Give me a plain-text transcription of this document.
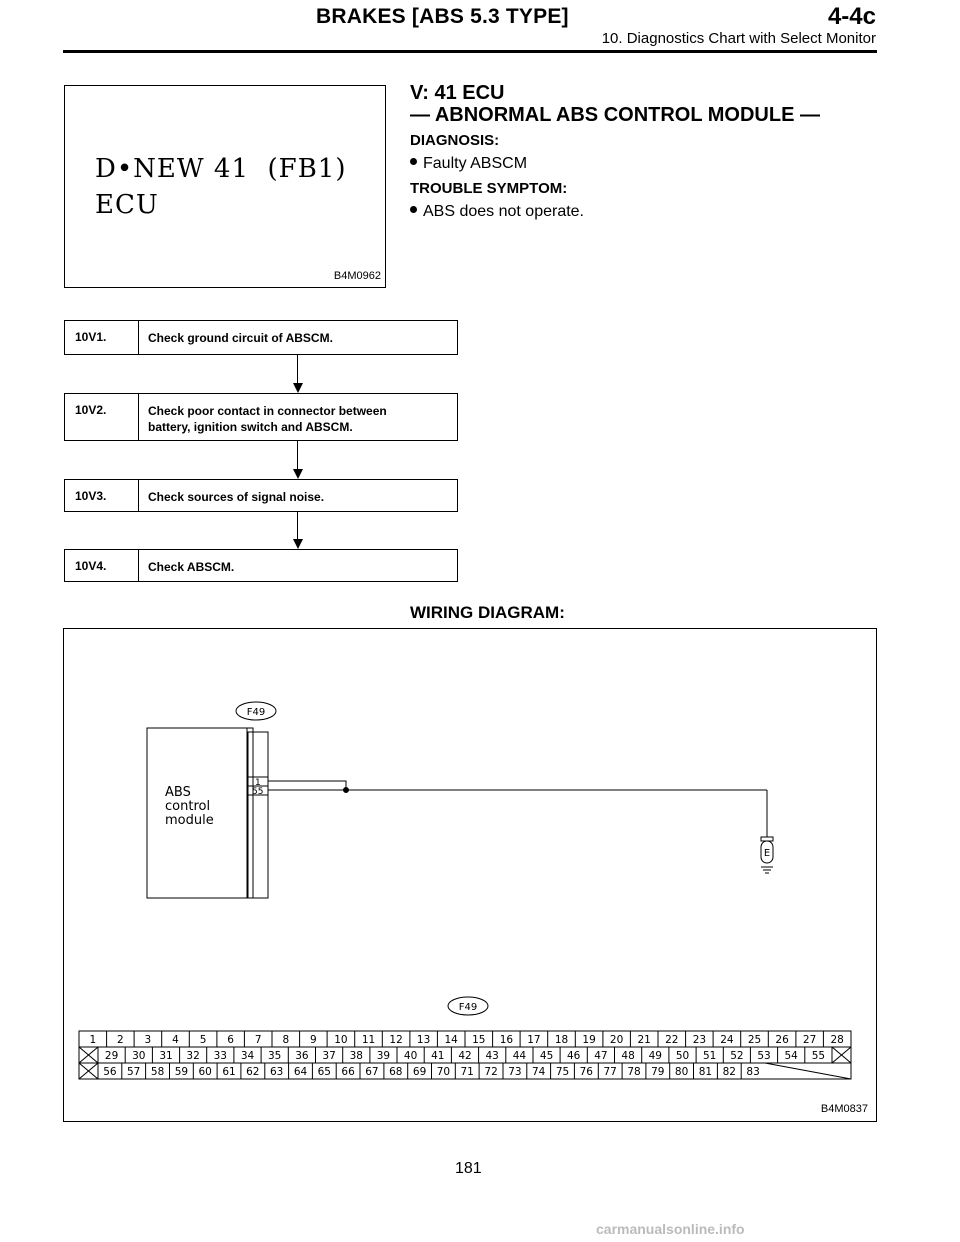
BRAKES [ABS 5.3 TYPE]	4-4c
10. Diagnostics Chart with Select Monitor
D•NEW 41  (FB1)
ECU
B4M0962
V: 41 ECU
— ABNORMAL ABS CONTROL MODULE —
DIAGNOSIS:
Faulty ABSCM
TROUBLE SYMPTOM:
ABS does not operate.
10V1.	Check ground circuit of ABSCM.
10V2.	Check poor contact in connector between battery, ignition switch and ABSCM.
10V3.	Check sources of signal noise.
10V4.	Check ABSCM.
WIRING DIAGRAM:
F49
ABS
control
module
1
55
E
F49
1 2 3 4 5 6 7 8 9 10 11 12 13 14 15 16 17 18 19 20 21 22 23 24 25 26 27 28
29 30 31 32 33 34 35 36 37 38 39 40 41 42 43 44 45 46 47 48 49 50 51 52 53 54 55
56 57 58 59 60 61 62 63 64 65 66 67 68 69 70 71 72 73 74 75 76 77 78 79 80 81 82 83
B4M0837
181
carmanualsonline.info
